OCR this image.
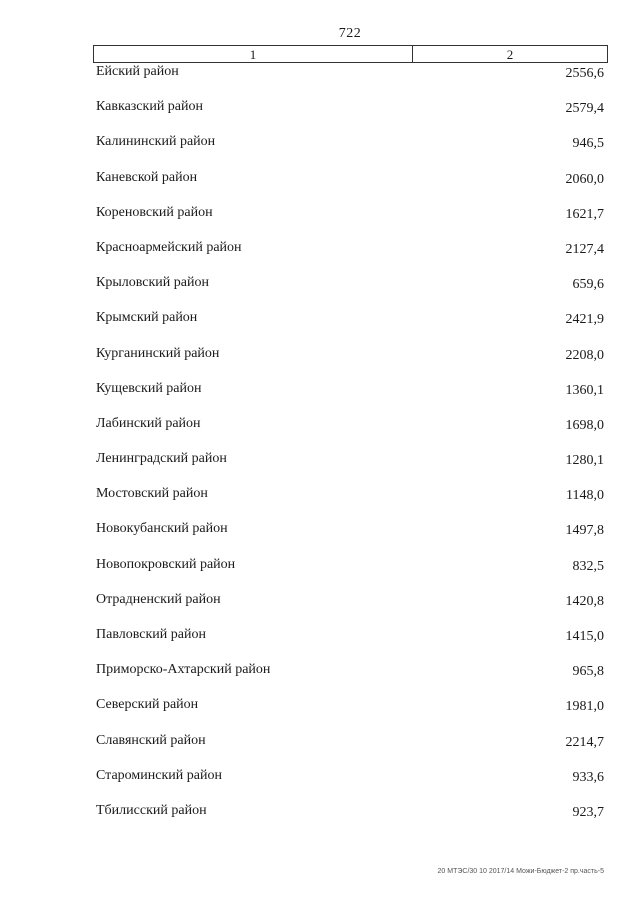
722
1	2
Ейский район	2556,6
Кавказский район	2579,4
Калининский район	946,5
Каневской район	2060,0
Кореновский район	1621,7
Красноармейский район	2127,4
Крыловский район	659,6
Крымский район	2421,9
Курганинский район	2208,0
Кущевский район	1360,1
Лабинский район	1698,0
Ленинградский район	1280,1
Мостовский район	1148,0
Новокубанский район	1497,8
Новопокровский район	832,5
Отрадненский район	1420,8
Павловский район	1415,0
Приморско-Ахтарский район	965,8
Северский район	1981,0
Славянский район	2214,7
Староминский район	933,6
Тбилисский район	923,7
20 МТЭС/30 10 2017/14 Можи-Бюджет-2 пр.часть-5
